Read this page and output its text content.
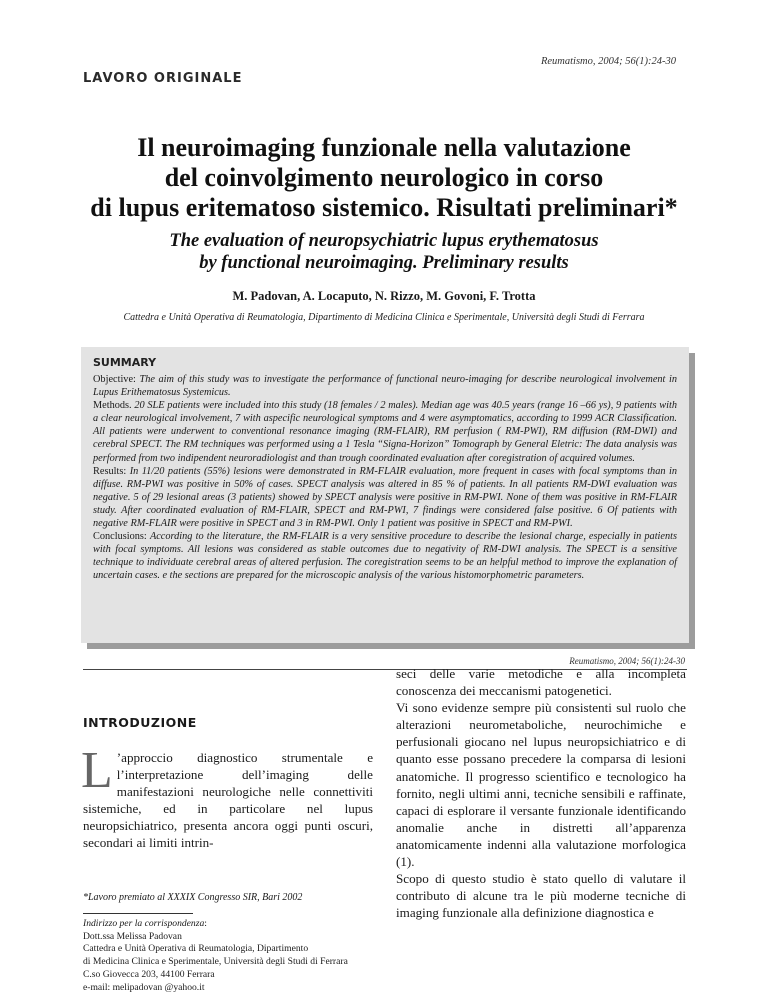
Reumatismo, 2004; 56(1):24-30
LAVORO ORIGINALE
Il neuroimaging funzionale nella valutazione
del coinvolgimento neurologico in corso
di lupus eritematoso sistemico. Risultati preliminari*
The evaluation of neuropsychiatric lupus erythematosus
by functional neuroimaging. Preliminary results
M. Padovan, A. Locaputo, N. Rizzo, M. Govoni, F. Trotta
Cattedra e Unità Operativa di Reumatologia, Dipartimento di Medicina Clinica e Sperimentale, Università degli Studi di Ferrara
SUMMARY

Objective: The aim of this study was to investigate the performance of functional neuro-imaging for describe neurological involvement in Lupus Erithematosus Systemicus.

Methods. 20 SLE patients were included into this study (18 females / 2 males). Median age was 40.5 years (range 16 –66 ys), 9 patients with a clear neurological involvement, 7 with aspecific neurological symptoms and 4 were asymptomatics, according to 1999 ACR Classification. All patients were underwent to conventional resonance imaging (RM-FLAIR), RM perfusion ( RM-PWI), RM diffusion (RM-DWI) and cerebral SPECT. The RM techniques was performed using a 1 Tesla “Signa-Horizon” Tomograph by General Eletric: The data analysis was performed from two indipendent neuroradiologist and than trough coordinated evaluation after coregistration of acquired volumes.

Results: In 11/20 patients (55%) lesions were demonstrated in RM-FLAIR evaluation, more frequent in cases with focal symptoms than in diffuse. RM-PWI was positive in 50% of cases. SPECT analysis was altered in 85 % of patients. In all patients RM-DWI evaluation was negative. 5 of 29 lesional areas (3 patients) showed by SPECT analysis were positive in RM-PWI. None of them was positive in RM-FLAIR study. After coordinated evaluation of RM-FLAIR, SPECT and RM-PWI, 7 findings were considered false positive. 6 Of patients with negative RM-FLAIR were positive in SPECT and 3 in RM-PWI. Only 1 patient was positive in SPECT and RM-PWI.

Conclusions: According to the literature, the RM-FLAIR is a very sensitive procedure to describe the lesional charge, especially in patients with focal symptoms. All lesions was considered as stable outcomes due to negativity of RM-DWI analysis. The SPECT is a sensitive technique to individuate cerebral areas of altered perfusion. The coregistration seems to be an helpful method to improve the explanation of uncertain cases. e the sections are prepared for the microscopic analysis of the various histomorphometric parameters.

Reumatismo, 2004; 56(1):24-30
INTRODUZIONE
L ’approccio diagnostico strumentale e l’interpretazione dell’imaging delle manifestazioni neurologiche nelle connettiviti sistemiche, ed in particolare nel lupus neuropsichiatrico, presenta ancora oggi punti oscuri, secondari ai limiti intrin-
seci delle varie metodiche e alla incompleta conoscenza dei meccanismi patogenetici.
Vi sono evidenze sempre più consistenti sul ruolo che alterazioni neurometaboliche, neurochimiche e perfusionali giocano nel lupus neuropsichiatrico e di quanto esse possano precedere la comparsa di lesioni anatomiche. Il progresso scientifico e tecnologico ha fornito, negli ultimi anni, tecniche sensibili e raffinate, capaci di esplorare il versante funzionale identificando anomalie anche in distretti all’apparenza anatomicamente indenni alla valutazione morfologica (1).
Scopo di questo studio è stato quello di valutare il contributo di alcune tra le più moderne tecniche di imaging funzionale alla definizione diagnostica e
*Lavoro premiato al XXXIX Congresso SIR, Bari 2002
Indirizzo per la corrispondenza:
Dott.ssa Melissa Padovan
Cattedra e Unità Operativa di Reumatologia, Dipartimento
di Medicina Clinica e Sperimentale, Università degli Studi di Ferrara
C.so Giovecca 203, 44100 Ferrara
e-mail: melipadovan @yahoo.it
